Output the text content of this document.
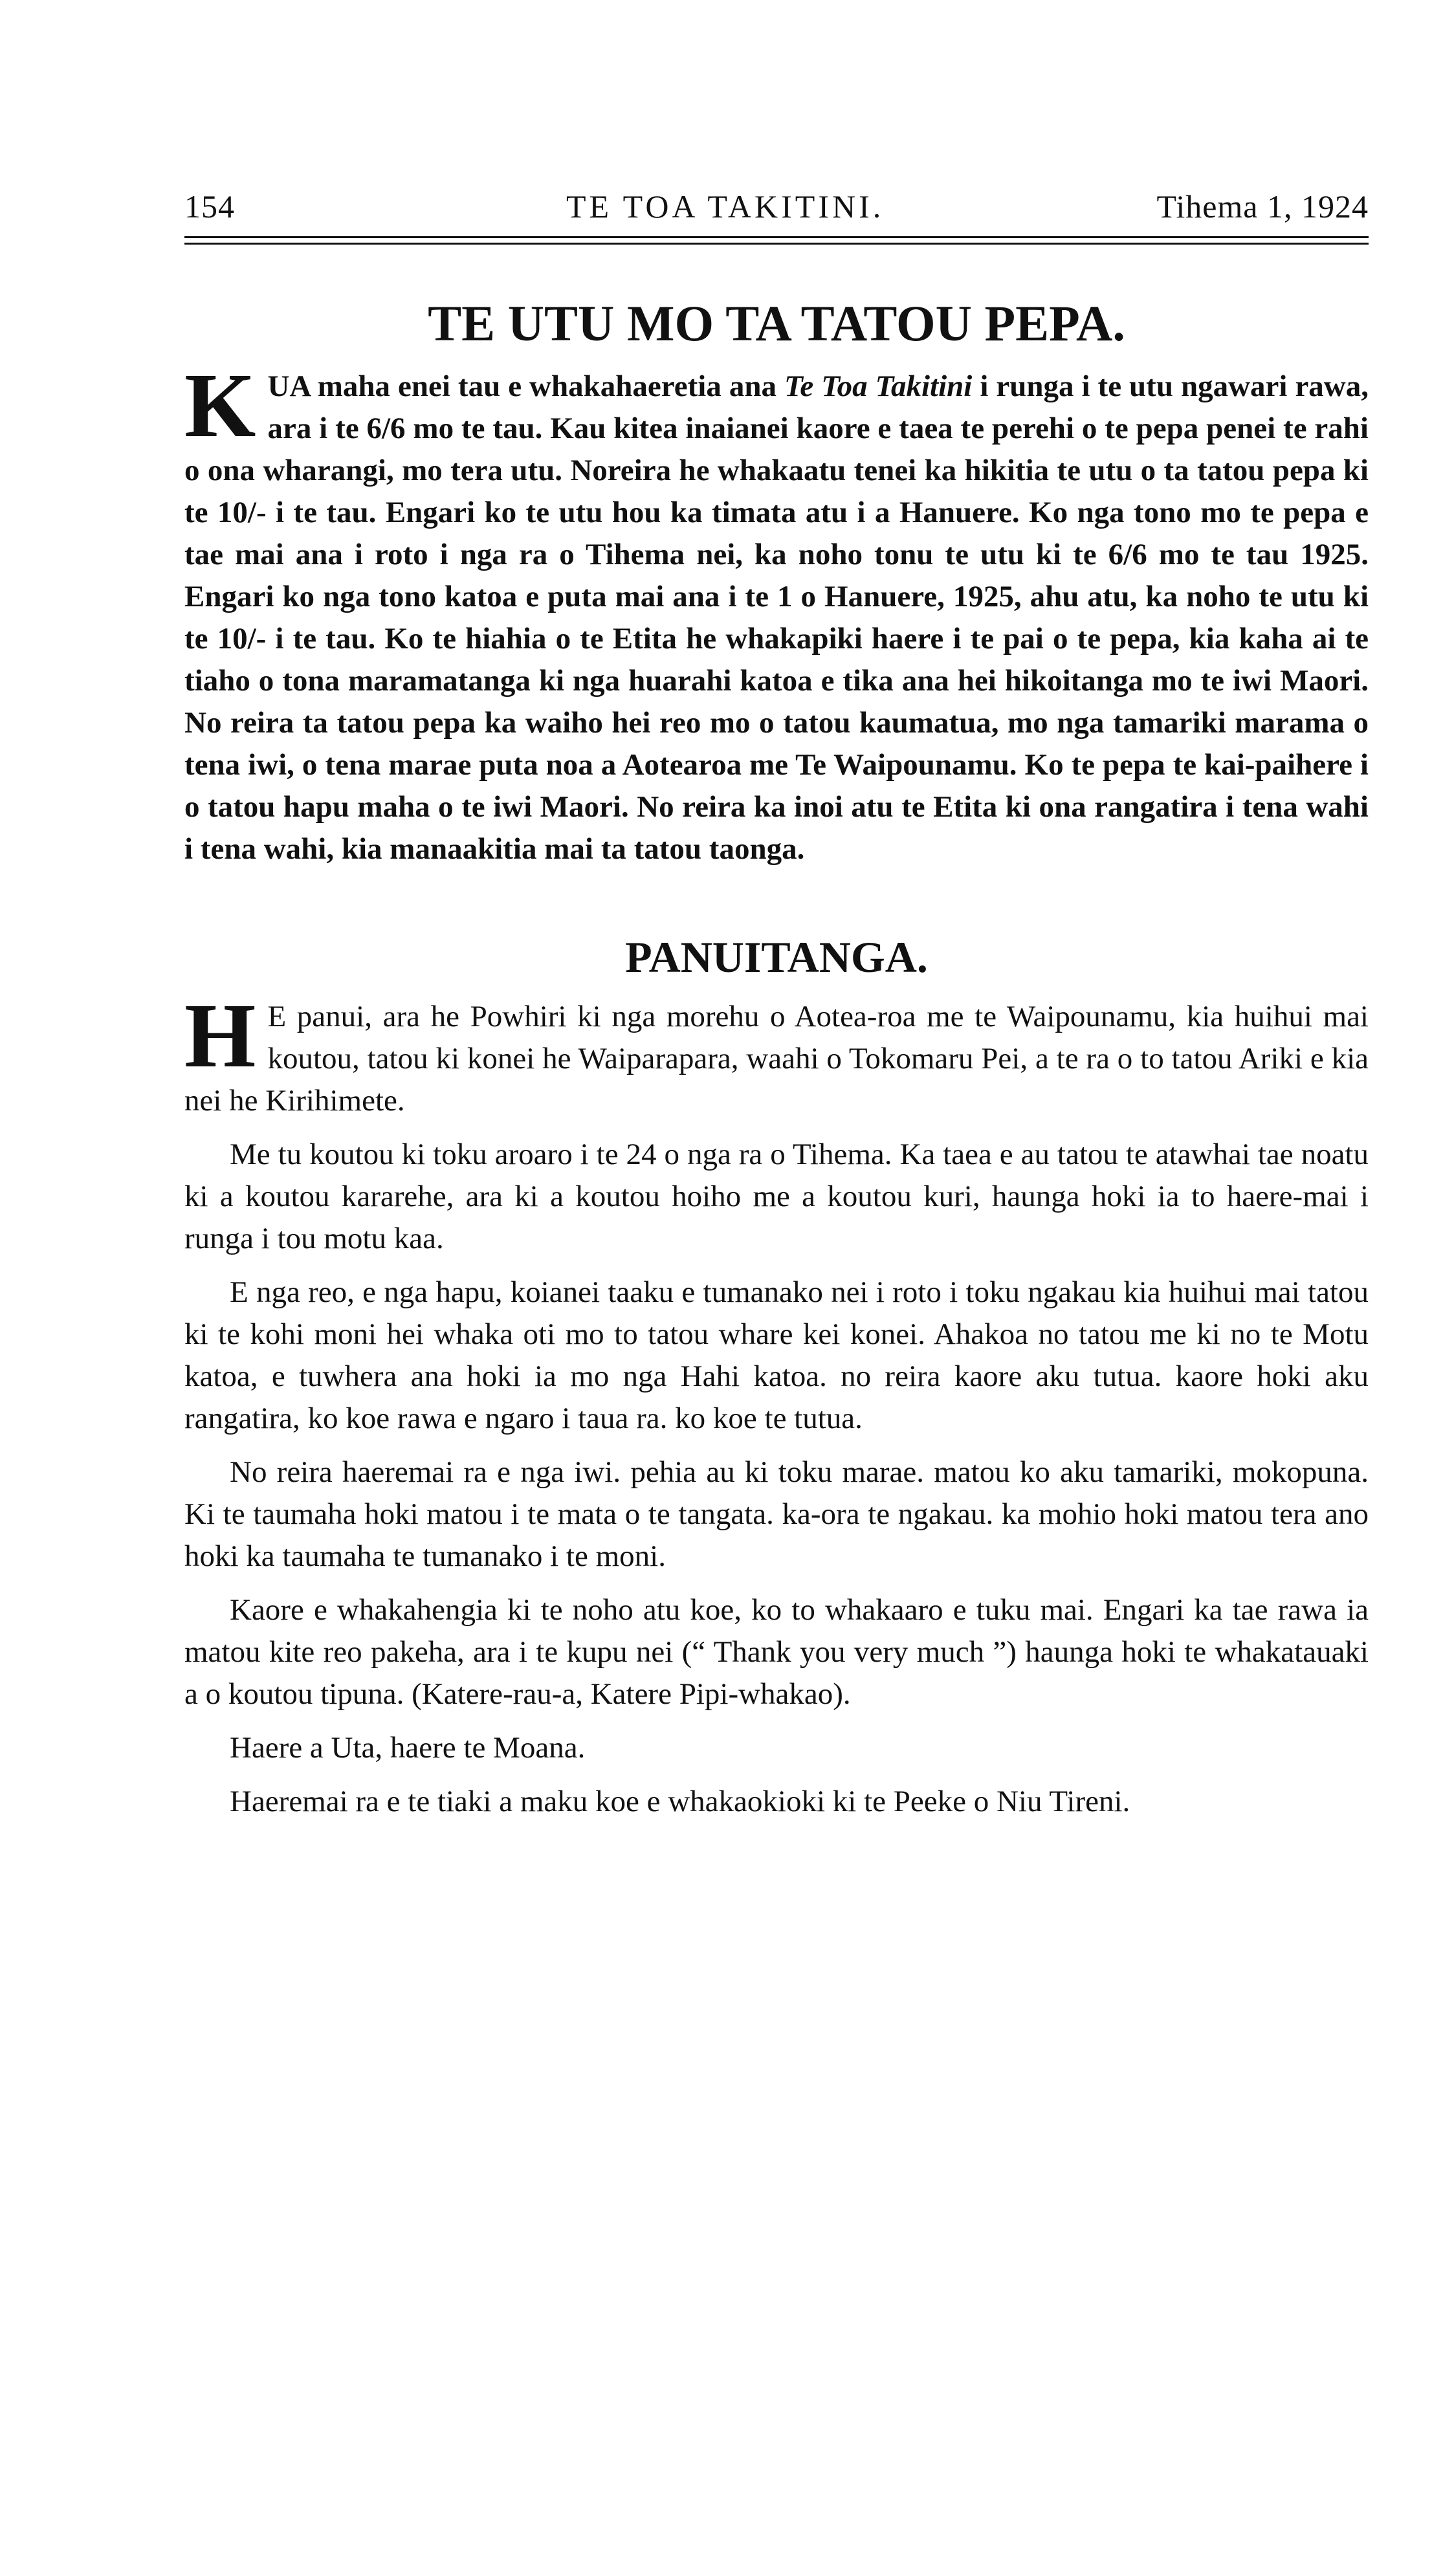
154	TE TOA TAKITINI.	Tihema 1, 1924
TE UTU MO TA TATOU PEPA.

KUA maha enei tau e whakahaeretia ana Te Toa Takitini i runga i te utu ngawari rawa, ara i te 6/6 mo te tau. Kau kitea inaianei kaore e taea te perehi o te pepa penei te rahi o ona wharangi, mo tera utu. Noreira he whakaatu tenei ka hikitia te utu o ta tatou pepa ki te 10/- i te tau. Engari ko te utu hou ka timata atu i a Hanuere. Ko nga tono mo te pepa e tae mai ana i roto i nga ra o Tihema nei, ka noho tonu te utu ki te 6/6 mo te tau 1925. Engari ko nga tono katoa e puta mai ana i te 1 o Hanuere, 1925, ahu atu, ka noho te utu ki te 10/- i te tau. Ko te hiahia o te Etita he whakapiki haere i te pai o te pepa, kia kaha ai te tiaho o tona maramatanga ki nga huarahi katoa e tika ana hei hikoitanga mo te iwi Maori. No reira ta tatou pepa ka waiho hei reo mo o tatou kaumatua, mo nga tamariki marama o tena iwi, o tena marae puta noa a Aotearoa me Te Waipounamu. Ko te pepa te kai-paihere i o tatou hapu maha o te iwi Maori. No reira ka inoi atu te Etita ki ona rangatira i tena wahi i tena wahi, kia manaakitia mai ta tatou taonga.

PANUITANGA.

H E panui, ara he Powhiri ki nga morehu o Aotea-roa me te Waipounamu, kia huihui mai koutou, tatou ki konei he Waiparapara, waahi o Tokomaru Pei, a te ra o to tatou Ariki e kia nei he Kirihimete.

Me tu koutou ki toku aroaro i te 24 o nga ra o Tihema. Ka taea e au tatou te atawhai tae noatu ki a koutou kararehe, ara ki a koutou hoiho me a koutou kuri, haunga hoki ia to haere-mai i runga i tou motu kaa.

E nga reo, e nga hapu, koianei taaku e tumanako nei i roto i toku ngakau kia huihui mai tatou ki te kohi moni hei whaka oti mo to tatou whare kei konei. Ahakoa no tatou me ki no te Motu katoa, e tuwhera ana hoki ia mo nga Hahi katoa. no reira kaore aku tutua. kaore hoki aku rangatira, ko koe rawa e ngaro i taua ra. ko koe te tutua.

No reira haeremai ra e nga iwi. pehia au ki toku marae. matou ko aku tamariki, mokopuna. Ki te taumaha hoki matou i te mata o te tangata. ka-ora te ngakau. ka mohio hoki matou tera ano hoki ka taumaha te tumanako i te moni.

Kaore e whakahengia ki te noho atu koe, ko to whakaaro e tuku mai. Engari ka tae rawa ia matou kite reo pakeha, ara i te kupu nei (“ Thank you very much ”) haunga hoki te whakatauaki a o koutou tipuna. (Katere-rau-a, Katere Pipi-whakao).

Haere a Uta, haere te Moana.

Haeremai ra e te tiaki a maku koe e whakaokioki ki te Peeke o Niu Tireni.
